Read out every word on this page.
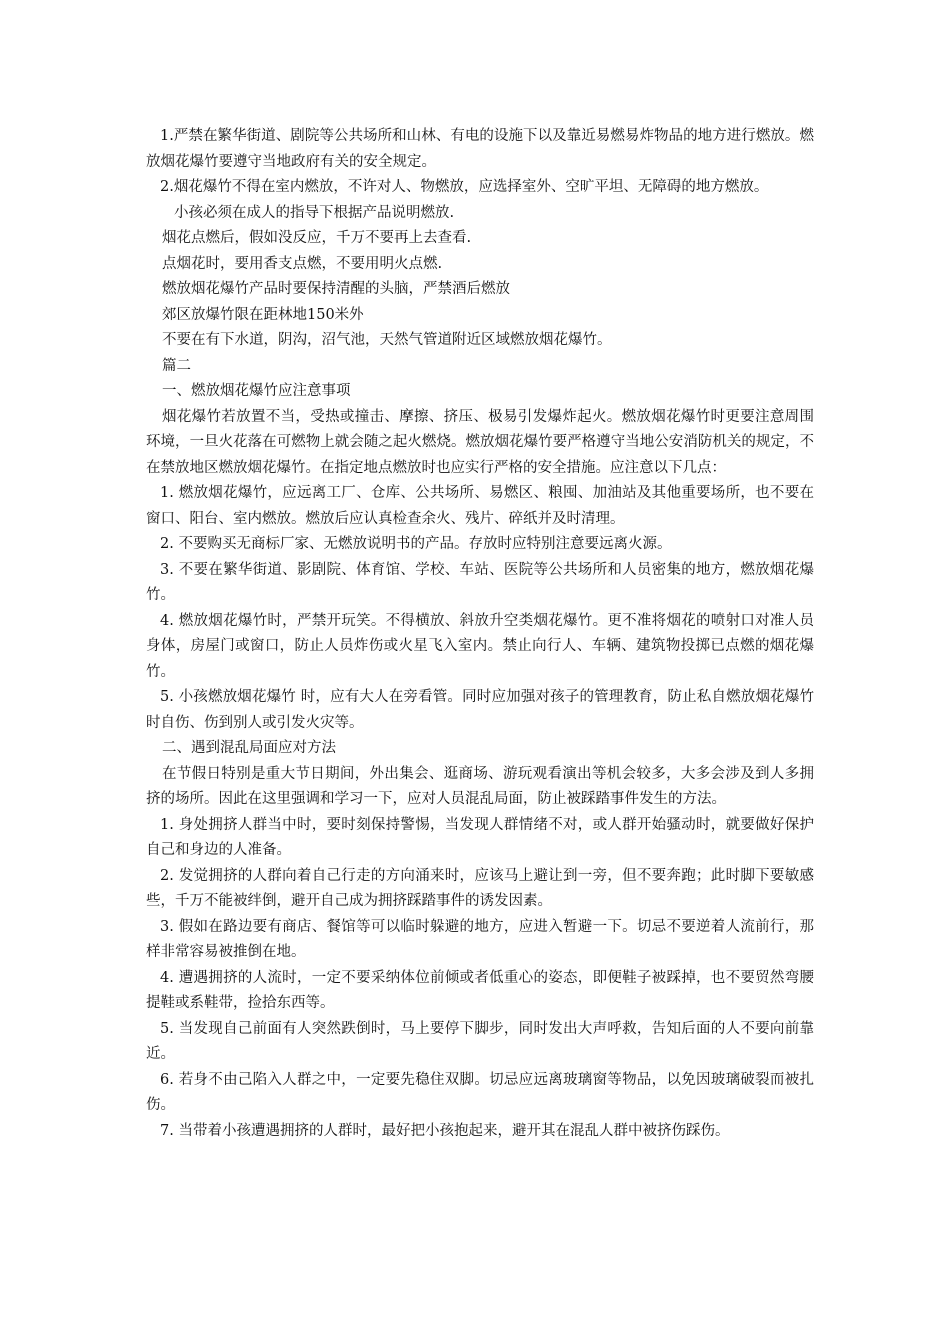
1.严禁在繁华街道、剧院等公共场所和山林、有电的设施下以及靠近易燃易炸物品的地方进行燃放。燃放烟花爆竹要遵守当地政府有关的安全规定。

2.烟花爆竹不得在室内燃放，不许对人、物燃放，应选择室外、空旷平坦、无障碍的地方燃放。

小孩必须在成人的指导下根据产品说明燃放.

烟花点燃后，假如没反应，千万不要再上去查看.

点烟花时，要用香支点燃，不要用明火点燃.

燃放烟花爆竹产品时要保持清醒的头脑，严禁酒后燃放

郊区放爆竹限在距林地150米外

不要在有下水道，阴沟，沼气池，天然气管道附近区域燃放烟花爆竹。

篇二

一、燃放烟花爆竹应注意事项

烟花爆竹若放置不当，受热或撞击、摩擦、挤压、极易引发爆炸起火。燃放烟花爆竹时更要注意周围环境，一旦火花落在可燃物上就会随之起火燃烧。燃放烟花爆竹要严格遵守当地公安消防机关的规定，不在禁放地区燃放烟花爆竹。在指定地点燃放时也应实行严格的安全措施。应注意以下几点：

1. 燃放烟花爆竹，应远离工厂、仓库、公共场所、易燃区、粮囤、加油站及其他重要场所，也不要在窗口、阳台、室内燃放。燃放后应认真检查余火、残片、碎纸并及时清理。

2. 不要购买无商标厂家、无燃放说明书的产品。存放时应特别注意要远离火源。

3. 不要在繁华街道、影剧院、体育馆、学校、车站、医院等公共场所和人员密集的地方，燃放烟花爆竹。

4. 燃放烟花爆竹时，严禁开玩笑。不得横放、斜放升空类烟花爆竹。更不准将烟花的喷射口对准人员身体，房屋门或窗口，防止人员炸伤或火星飞入室内。禁止向行人、车辆、建筑物投掷已点燃的烟花爆竹。

5. 小孩燃放烟花爆竹 时，应有大人在旁看管。同时应加强对孩子的管理教育，防止私自燃放烟花爆竹时自伤、伤到别人或引发火灾等。

二、遇到混乱局面应对方法

在节假日特别是重大节日期间，外出集会、逛商场、游玩观看演出等机会较多，大多会涉及到人多拥挤的场所。因此在这里强调和学习一下，应对人员混乱局面，防止被踩踏事件发生的方法。

1. 身处拥挤人群当中时，要时刻保持警惕，当发现人群情绪不对，或人群开始骚动时，就要做好保护自己和身边的人准备。

2. 发觉拥挤的人群向着自己行走的方向涌来时，应该马上避让到一旁，但不要奔跑；此时脚下要敏感些，千万不能被绊倒，避开自己成为拥挤踩踏事件的诱发因素。

3. 假如在路边要有商店、餐馆等可以临时躲避的地方，应进入暂避一下。切忌不要逆着人流前行，那样非常容易被推倒在地。

4. 遭遇拥挤的人流时，一定不要采纳体位前倾或者低重心的姿态，即便鞋子被踩掉，也不要贸然弯腰提鞋或系鞋带，捡拾东西等。

5. 当发现自己前面有人突然跌倒时，马上要停下脚步，同时发出大声呼救，告知后面的人不要向前靠近。

6. 若身不由己陷入人群之中，一定要先稳住双脚。切忌应远离玻璃窗等物品，以免因玻璃破裂而被扎伤。

7. 当带着小孩遭遇拥挤的人群时，最好把小孩抱起来，避开其在混乱人群中被挤伤踩伤。
